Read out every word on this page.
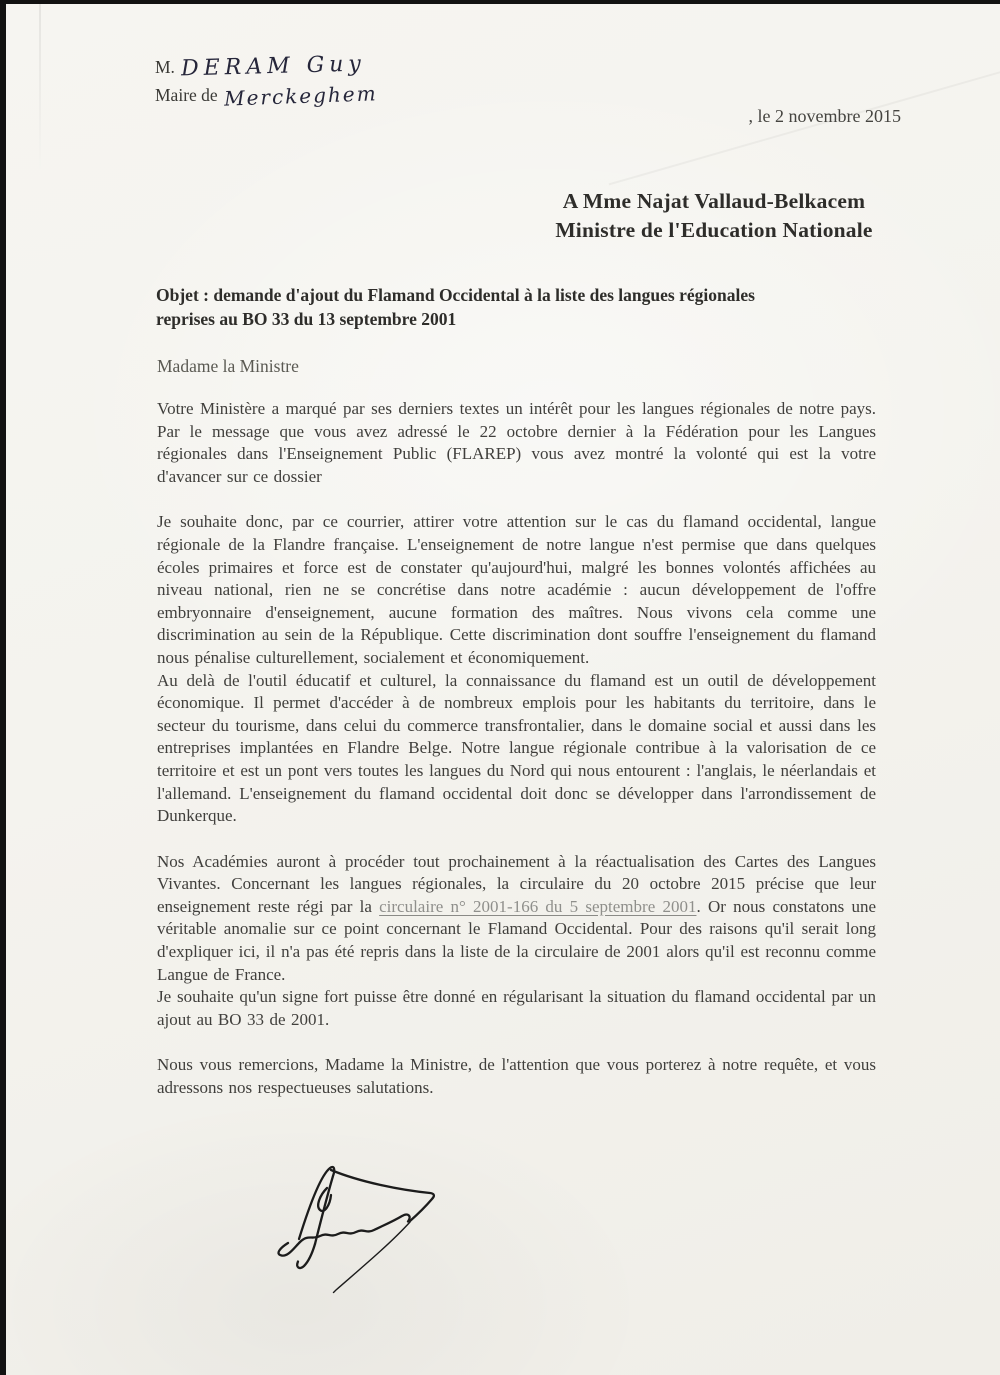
M. DERAM Guy
Maire de Merckeghem
, le 2 novembre 2015
A Mme Najat Vallaud-Belkacem
Ministre de l'Education Nationale
Objet : demande d'ajout du Flamand Occidental à la liste des langues régionales
reprises au BO 33 du 13 septembre 2001
Madame la Ministre

Votre Ministère a marqué par ses derniers textes un intérêt pour les langues régionales de notre pays. Par le message que vous avez adressé le 22 octobre dernier à la Fédération pour les Langues régionales dans l'Enseignement Public (FLAREP) vous avez montré la volonté qui est la votre d'avancer sur ce dossier

Je souhaite donc, par ce courrier, attirer votre attention sur le cas du flamand occidental, langue régionale de la Flandre française. L'enseignement de notre langue n'est permise que dans quelques écoles primaires et force est de constater qu'aujourd'hui, malgré les bonnes volontés affichées au niveau national, rien ne se concrétise dans notre académie : aucun développement de l'offre embryonnaire d'enseignement, aucune formation des maîtres. Nous vivons cela comme une discrimination au sein de la République. Cette discrimination dont souffre l'enseignement du flamand nous pénalise culturellement, socialement et économiquement.

Au delà de l'outil éducatif et culturel, la connaissance du flamand est un outil de développement économique. Il permet d'accéder à de nombreux emplois pour les habitants du territoire, dans le secteur du tourisme, dans celui du commerce transfrontalier, dans le domaine social et aussi dans les entreprises implantées en Flandre Belge. Notre langue régionale contribue à la valorisation de ce territoire et est un pont vers toutes les langues du Nord qui nous entourent : l'anglais, le néerlandais et l'allemand. L'enseignement du flamand occidental doit donc se développer dans l'arrondissement de Dunkerque.

Nos Académies auront à procéder tout prochainement à la réactualisation des Cartes des Langues Vivantes. Concernant les langues régionales, la circulaire du 20 octobre 2015 précise que leur enseignement reste régi par la circulaire n° 2001-166 du 5 septembre 2001. Or nous constatons une véritable anomalie sur ce point concernant le Flamand Occidental. Pour des raisons qu'il serait long d'expliquer ici, il n'a pas été repris dans la liste de la circulaire de 2001 alors qu'il est reconnu comme Langue de France.

Je souhaite qu'un signe fort puisse être donné en régularisant la situation du flamand occidental par un ajout au BO 33 de 2001.

Nous vous remercions, Madame la Ministre, de l'attention que vous porterez à notre requête, et vous adressons nos respectueuses salutations.
